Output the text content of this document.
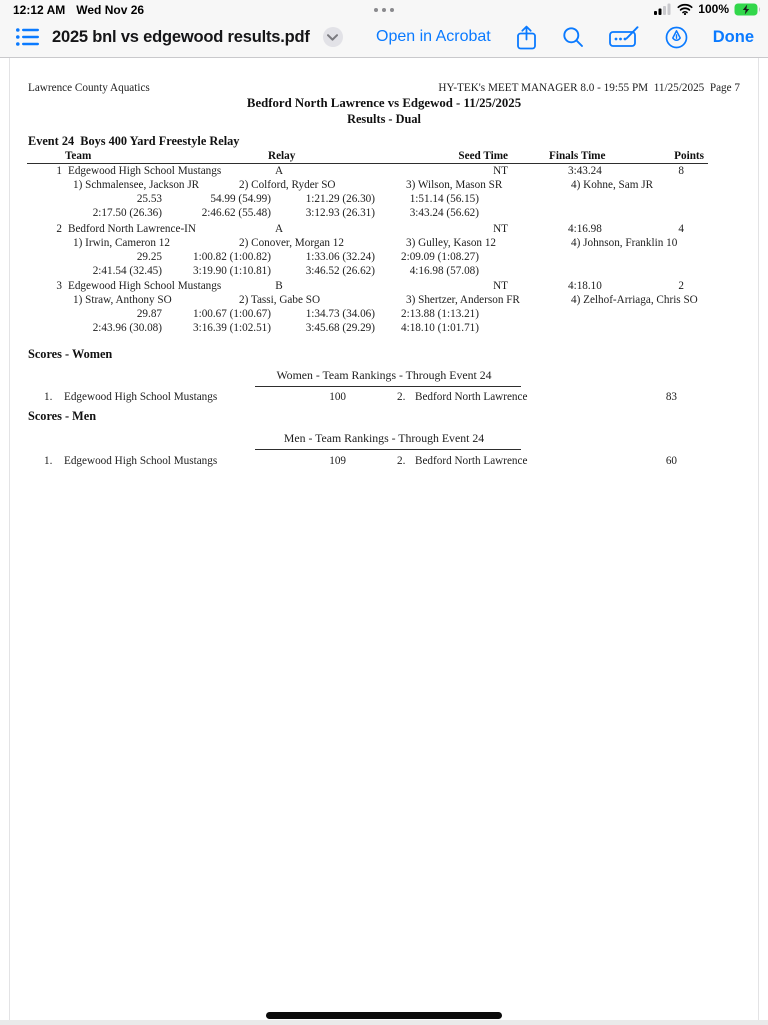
12:12 AM Wed Nov 26	100%
2025 bnl vs edgewood results.pdf	Open in Acrobat	Done
Lawrence County Aquatics	HY-TEK's MEET MANAGER 8.0 - 19:55 PM  11/25/2025  Page 7
Bedford North Lawrence vs Edgewod - 11/25/2025
Results - Dual
Event 24  Boys 400 Yard Freestyle Relay
Team	Relay	Seed Time	Finals Time	Points
1 Edgewood High School Mustangs	A	NT	3:43.24	8
1) Schmalensee, Jackson JR	2) Colford, Ryder SO	3) Wilson, Mason SR	4) Kohne, Sam JR
25.53	54.99 (54.99)	1:21.29 (26.30)	1:51.14 (56.15)
2:17.50 (26.36)	2:46.62 (55.48)	3:12.93 (26.31)	3:43.24 (56.62)
2 Bedford North Lawrence-IN	A	NT	4:16.98	4
1) Irwin, Cameron 12	2) Conover, Morgan 12	3) Gulley, Kason 12	4) Johnson, Franklin 10
29.25	1:00.82 (1:00.82)	1:33.06 (32.24) 2:09.09 (1:08.27)
2:41.54 (32.45)	3:19.90 (1:10.81)	3:46.52 (26.62)	4:16.98 (57.08)
3 Edgewood High School Mustangs	B	NT	4:18.10	2
1) Straw, Anthony SO	2) Tassi, Gabe SO	3) Shertzer, Anderson FR	4) Zelhof-Arriaga, Chris SO
29.87	1:00.67 (1:00.67)	1:34.73 (34.06) 2:13.88 (1:13.21)
2:43.96 (30.08)	3:16.39 (1:02.51)	3:45.68 (29.29) 4:18.10 (1:01.71)
Scores - Women
Women - Team Rankings - Through Event 24
1. Edgewood High School Mustangs	100	2. Bedford North Lawrence	83
Scores - Men
Men - Team Rankings - Through Event 24
1. Edgewood High School Mustangs	109	2. Bedford North Lawrence	60
